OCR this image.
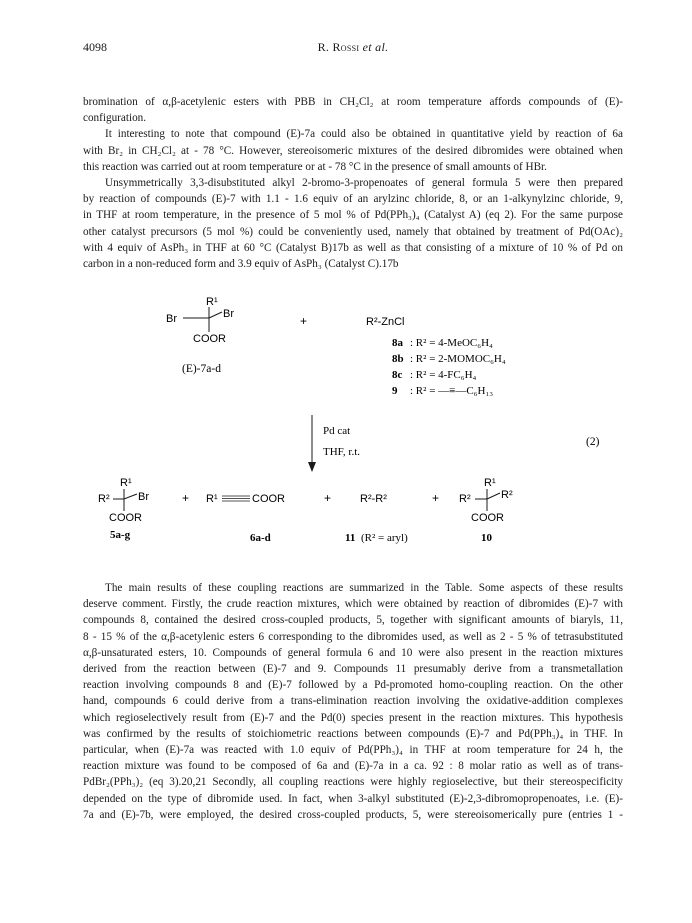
4098	R. Rossi et al.
bromination of α,β-acetylenic esters with PBB in CH₂Cl₂ at room temperature affords compounds of (E)-
configuration.
It interesting to note that compound (E)-7a could also be obtained in quantitative yield by reaction of 6a
with Br₂ in CH₂Cl₂ at - 78 °C. However, stereoisomeric mixtures of the desired dibromides were obtained when
this reaction was carried out at room temperature or at - 78 °C in the presence of small amounts of HBr.
Unsymmetrically 3,3-disubstituted alkyl 2-bromo-3-propenoates of general formula 5 were then prepared
by reaction of compounds (E)-7 with 1.1 - 1.6 equiv of an arylzinc chloride, 8, or an 1-alkynylzinc chloride, 9,
in THF at room temperature, in the presence of 5 mol % of Pd(PPh₃)₄ (Catalyst A) (eq 2). For the same purpose
other catalyst precursors (5 mol %) could be conveniently used, namely that obtained by treatment of Pd(OAc)₂
with 4 equiv of AsPh₃ in THF at 60 °C (Catalyst B)17b as well as that consisting of a mixture of 10 % of Pd on
carbon in a non-reduced form and 3.9 equiv of AsPh₃ (Catalyst C).17b
R¹
Br	Br
COOR
(E)-7a-d
+	R²-ZnCl
8a : R² = 4-MeOC₆H₄
8b : R² = 2-MOMOC₆H₄
8c : R² = 4-FC₆H₄
9 : R² = —≡—C₆H₁₃
Pd cat
THF, r.t.
(2)
R¹
R²	Br
COOR
5a-g
+ R¹	COOR
6a-d
+	R²-R²
11 (R² = aryl)
+
R¹
R²	R²
COOR
10
The main results of these coupling reactions are summarized in the Table. Some aspects of these results
deserve comment. Firstly, the crude reaction mixtures, which were obtained by reaction of dibromides (E)-7 with
compounds 8, contained the desired cross-coupled products, 5, together with significant amounts of biaryls, 11,
8 - 15 % of the α,β-acetylenic esters 6 corresponding to the dibromides used, as well as 2 - 5 % of tetrasubstituted
α,β-unsaturated esters, 10. Compounds of general formula 6 and 10 were also present in the reaction mixtures
derived from the reaction between (E)-7 and 9. Compounds 11 presumably derive from a transmetallation
reaction involving compounds 8 and (E)-7 followed by a Pd-promoted homo-coupling reaction. On the other
hand, compounds 6 could derive from a trans-elimination reaction involving the oxidative-addition complexes
which regioselectively result from (E)-7 and the Pd(0) species present in the reaction mixtures. This hypothesis
was confirmed by the results of stoichiometric reactions between compounds (E)-7 and Pd(PPh₃)₄ in THF. In
particular, when (E)-7a was reacted with 1.0 equiv of Pd(PPh₃)₄ in THF at room temperature for 24 h, the
reaction mixture was found to be composed of 6a and (E)-7a in a ca. 92 : 8 molar ratio as well as of trans-
PdBr₂(PPh₃)₂ (eq 3).20,21 Secondly, all coupling reactions were highly regioselective, but their stereospecificity
depended on the type of dibromide used. In fact, when 3-alkyl substituted (E)-2,3-dibromopropenoates, i.e. (E)-
7a and (E)-7b, were employed, the desired cross-coupled products, 5, were stereoisomerically pure (entries 1 -
